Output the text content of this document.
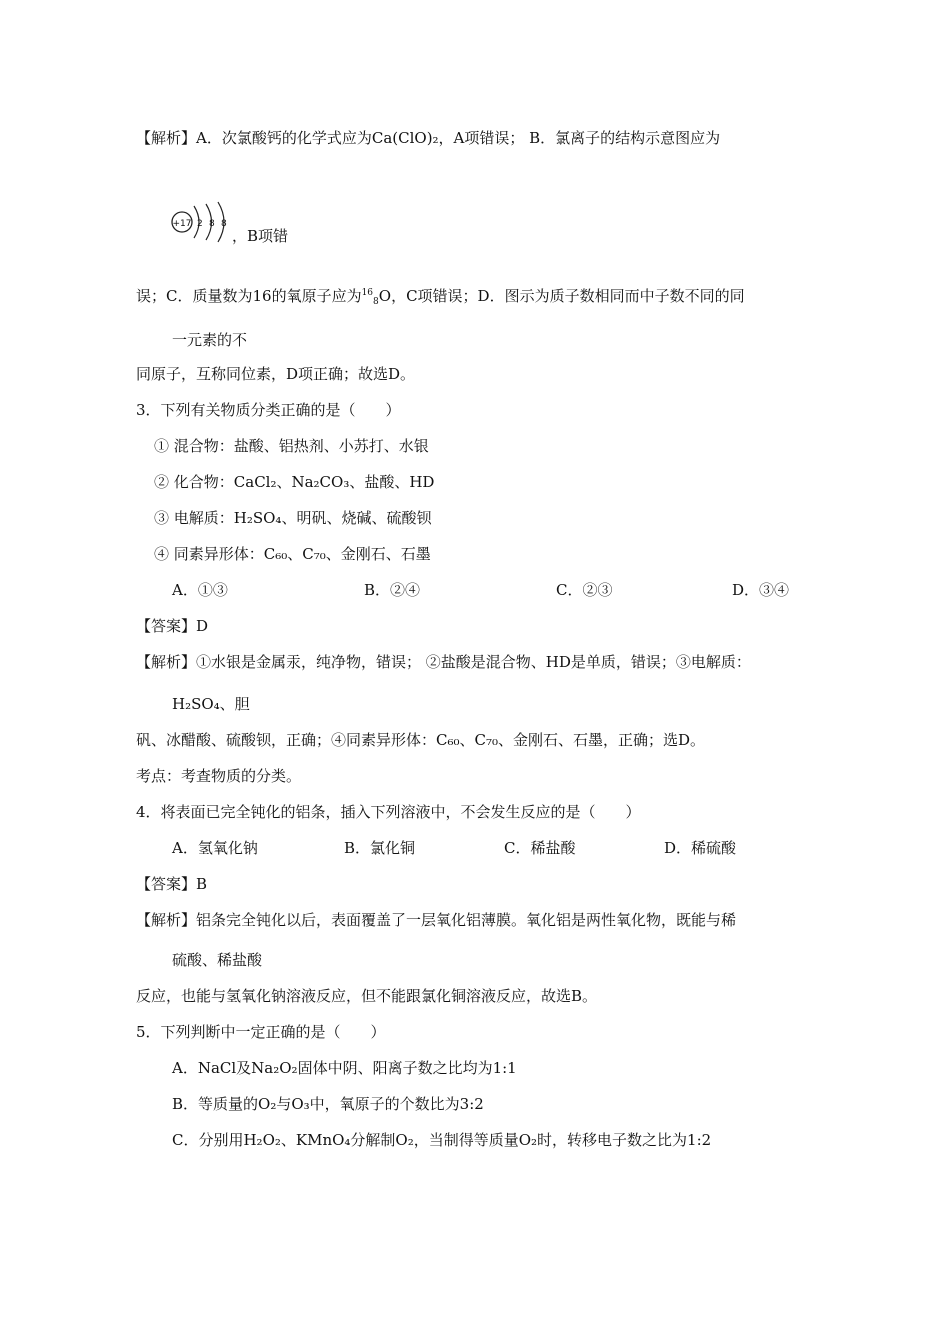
【解析】A．次氯酸钙的化学式应为Ca(ClO)₂，A项错误； B．氯离子的结构示意图应为
+17 2 8 8
，B项错
误；C．质量数为16的氧原子应为$^{16}_8$O，C项错误；D．图示为质子数相同而中子数不同的同
一元素的不
同原子，互称同位素，D项正确；故选D。
3．下列有关物质分类正确的是（　　）
① 混合物：盐酸、铝热剂、小苏打、水银
② 化合物：CaCl₂、Na₂CO₃、盐酸、HD
③ 电解质：H₂SO₄、明矾、烧碱、硫酸钡
④ 同素异形体：C₆₀、C₇₀、金刚石、石墨
A．①③	B．②④	C．②③	D．③④
【答案】D
【解析】①水银是金属汞，纯净物，错误； ②盐酸是混合物、HD是单质，错误；③电解质：
H₂SO₄、胆
矾、冰醋酸、硫酸钡，正确；④同素异形体：C₆₀、C₇₀、金刚石、石墨，正确；选D。
考点：考查物质的分类。
4．将表面已完全钝化的铝条，插入下列溶液中，不会发生反应的是（　　）
A．氢氧化钠	B．氯化铜	C．稀盐酸	D．稀硫酸
【答案】B
【解析】铝条完全钝化以后，表面覆盖了一层氧化铝薄膜。氧化铝是两性氧化物，既能与稀
硫酸、稀盐酸
反应，也能与氢氧化钠溶液反应，但不能跟氯化铜溶液反应，故选B。
5．下列判断中一定正确的是（　　）
A．NaCl及Na₂O₂固体中阴、阳离子数之比均为1:1
B．等质量的O₂与O₃中，氧原子的个数比为3:2
C．分别用H₂O₂、KMnO₄分解制O₂，当制得等质量O₂时，转移电子数之比为1:2
